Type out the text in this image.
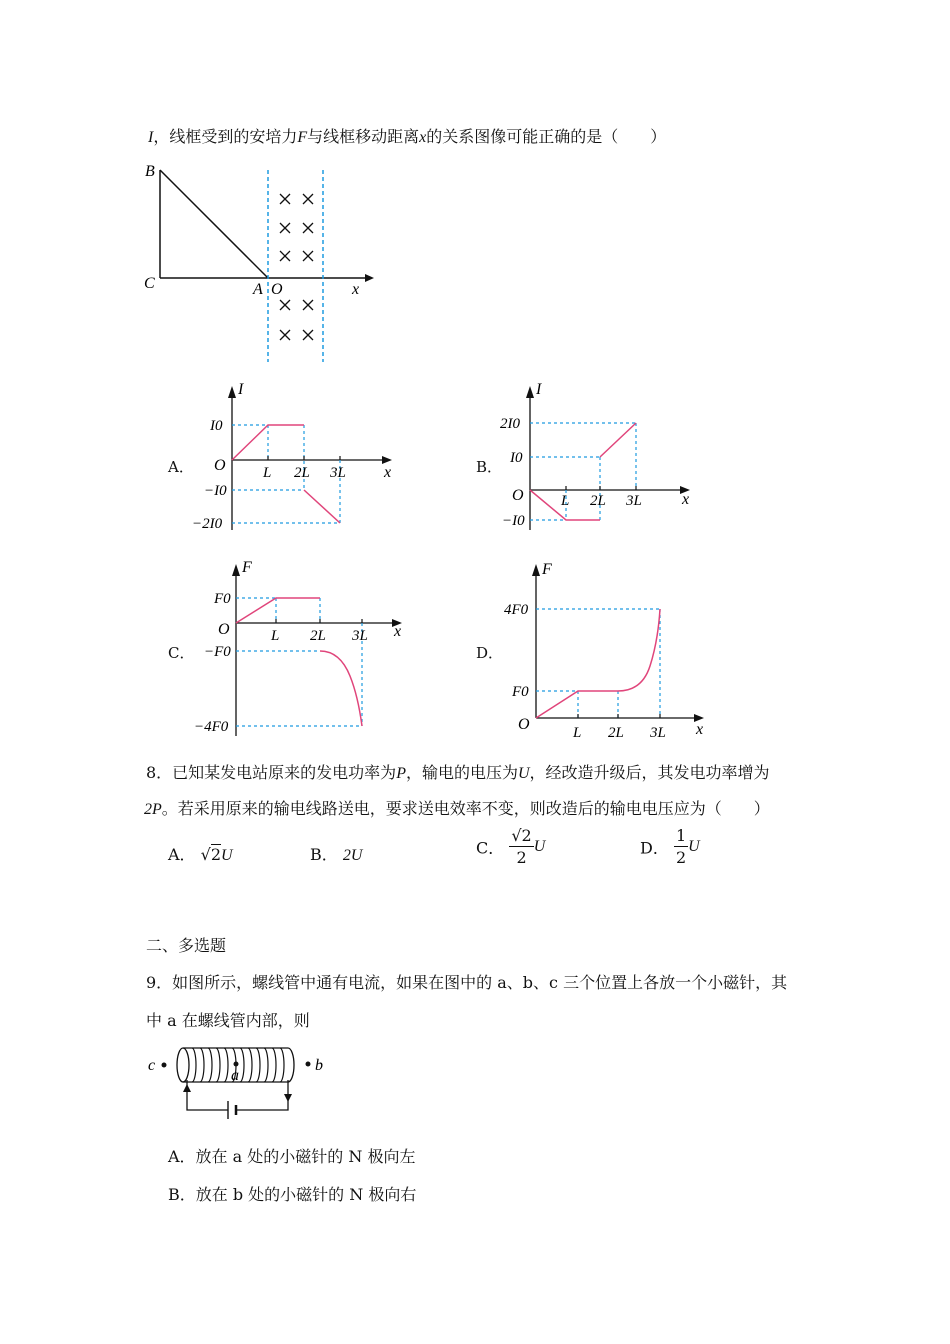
I，线框受到的安培力F与线框移动距离x的关系图像可能正确的是（　　）
B
C	A O	x
A．
I
x
O L 2L 3L
I0
−I0
−2I0
B．
I
x
O L 2L 3L
2I0
I0
−I0
C．
F
x
O	L 2L 3L
F0
−F0
−4F0
D．
F
x
O	L 2L 3L
4F0
F0
8．已知某发电站原来的发电功率为P，输电的电压为U，经改造升级后，其发电功率增为
2P。若采用原来的输电线路送电，要求送电效率不变，则改造后的输电电压应为（　　）
A． √2U	B． 2U	C． $\frac{√2}{2}$ U	D． $\frac{1}{2}$ U
二、多选题
9．如图所示，螺线管中通有电流，如果在图中的 a、b、c 三个位置上各放一个小磁针，其
中 a 在螺线管内部，则
c
a
b
A．放在 a 处的小磁针的 N 极向左
B．放在 b 处的小磁针的 N 极向右
